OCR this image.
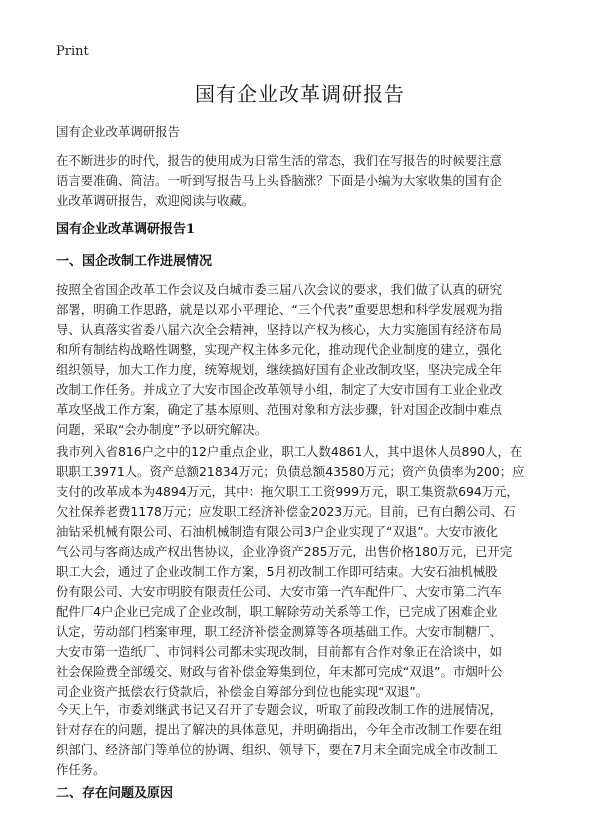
Print
国有企业改革调研报告
国有企业改革调研报告
在不断进步的时代，报告的使用成为日常生活的常态，我们在写报告的时候要注意
语言要准确、简洁。一听到写报告马上头昏脑涨？下面是小编为大家收集的国有企
业改革调研报告，欢迎阅读与收藏。
国有企业改革调研报告1
一、国企改制工作进展情况
按照全省国企改革工作会议及白城市委三届八次会议的要求，我们做了认真的研究
部署，明确工作思路，就是以邓小平理论、“三个代表”重要思想和科学发展观为指
导、认真落实省委八届六次全会精神，坚持以产权为核心，大力实施国有经济布局
和所有制结构战略性调整，实现产权主体多元化，推动现代企业制度的建立，强化
组织领导，加大工作力度，统筹规划，继续搞好国有企业改制攻坚，坚决完成全年
改制工作任务。并成立了大安市国企改革领导小组，制定了大安市国有工业企业改
革攻坚战工作方案，确定了基本原则、范围对象和方法步骤，针对国企改制中难点
问题，采取“会办制度”予以研究解决。
我市列入省816户之中的12户重点企业，职工人数4861人，其中退休人员890人，在
职职工3971人。资产总额21834万元；负债总额43580万元；资产负债率为200；应
支付的改革成本为4894万元，其中：拖欠职工工资999万元，职工集资款694万元，
欠社保养老费1178万元；应发职工经济补偿金2023万元。目前，已有白鹅公司、石
油钻采机械有限公司、石油机械制造有限公司3户企业实现了“双退”。大安市液化
气公司与客商达成产权出售协议，企业净资产285万元，出售价格180万元，已开完
职工大会，通过了企业改制工作方案，5月初改制工作即可结束。大安石油机械股
份有限公司、大安市明胶有限责任公司、大安市第一汽车配件厂、大安市第二汽车
配件厂4户企业已完成了企业改制，职工解除劳动关系等工作，已完成了困难企业
认定，劳动部门档案审理，职工经济补偿金测算等各项基础工作。大安市制糖厂、
大安市第一造纸厂、市饲料公司都未实现改制，目前都有合作对象正在洽谈中，如
社会保险费全部缓交、财政与省补偿金筹集到位，年末都可完成“双退”。市烟叶公
司企业资产抵偿农行贷款后，补偿金自筹部分到位也能实现“双退”。
今天上午，市委刘继武书记又召开了专题会议，听取了前段改制工作的进展情况，
针对存在的问题，提出了解决的具体意见，并明确指出，今年全市改制工作要在组
织部门、经济部门等单位的协调、组织、领导下，要在7月末全面完成全市改制工
作任务。
二、存在问题及原因
